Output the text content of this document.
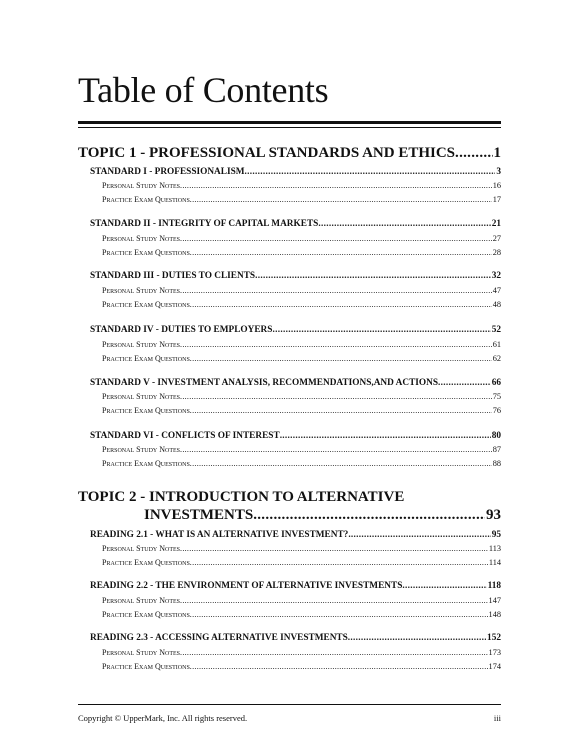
Table of Contents
TOPIC 1 - PROFESSIONAL STANDARDS AND ETHICS .....	1
STANDARD I - PROFESSIONALISM .....	3
Personal Study Notes .....	16
Practice Exam Questions .....	17
STANDARD II - INTEGRITY OF CAPITAL MARKETS .....	21
Personal Study Notes .....	27
Practice Exam Questions .....	28
STANDARD III - DUTIES TO CLIENTS .....	32
Personal Study Notes .....	47
Practice Exam Questions .....	48
STANDARD IV - DUTIES TO EMPLOYERS .....	52
Personal Study Notes .....	61
Practice Exam Questions .....	62
STANDARD V - INVESTMENT ANALYSIS, RECOMMENDATIONS,AND ACTIONS .....	66
Personal Study Notes .....	75
Practice Exam Questions .....	76
STANDARD VI - CONFLICTS OF INTEREST .....	80
Personal Study Notes .....	87
Practice Exam Questions .....	88
TOPIC 2 - INTRODUCTION TO ALTERNATIVE
INVESTMENTS .....	93
READING 2.1 - WHAT IS AN ALTERNATIVE INVESTMENT? .....	95
Personal Study Notes .....	113
Practice Exam Questions .....	114
READING 2.2 - THE ENVIRONMENT OF ALTERNATIVE INVESTMENTS .....	118
Personal Study Notes .....	147
Practice Exam Questions .....	148
READING 2.3 - ACCESSING ALTERNATIVE INVESTMENTS .....	152
Personal Study Notes .....	173
Practice Exam Questions .....	174
Copyright © UpperMark, Inc. All rights reserved.	iii
